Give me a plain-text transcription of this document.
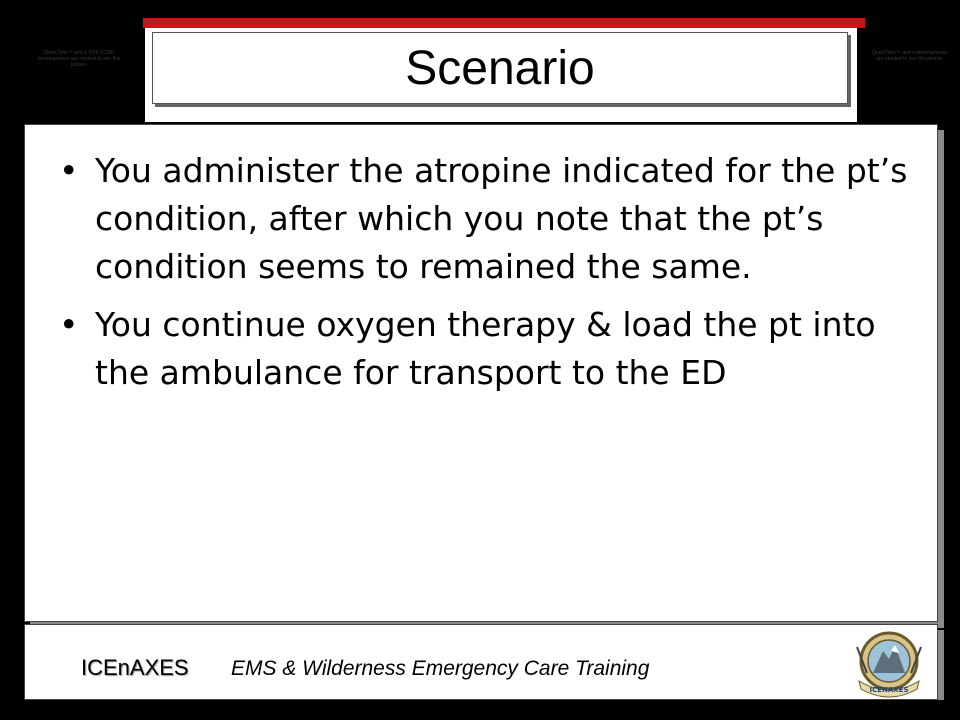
QuickTime™ and a TIFF (LZW) decompressor are needed to see this picture.
QuickTime™ and a decompressor are needed to see this picture.
Scenario
• You administer the atropine indicated for the pt’s condition, after which you note that the pt’s condition seems to remained the same.
• You continue oxygen therapy & load the pt into the ambulance for transport to the ED
ICEnAXES EMS & Wilderness Emergency Care Training
ICENAXES
